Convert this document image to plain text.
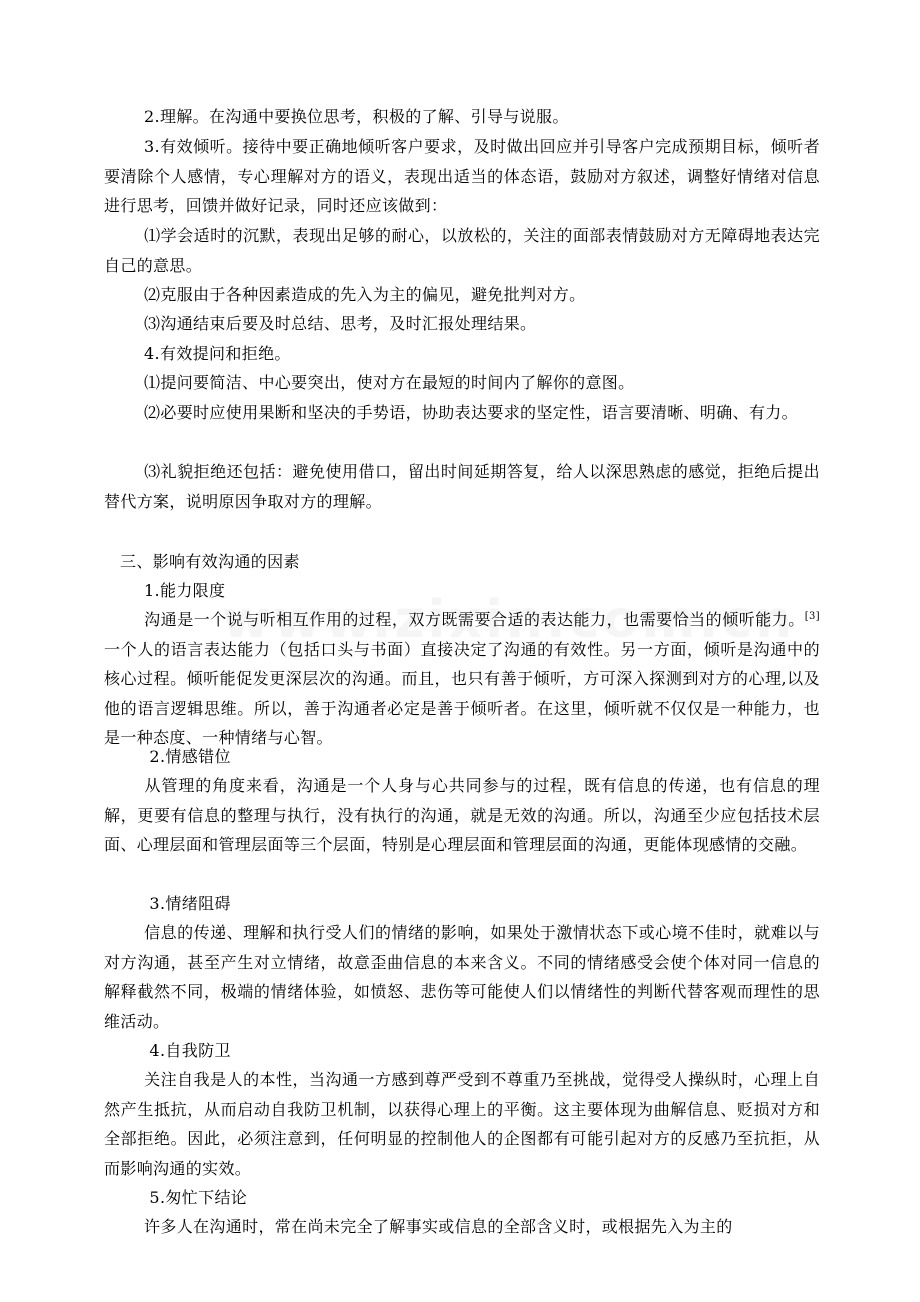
2.理解。在沟通中要换位思考，积极的了解、引导与说服。

3.有效倾听。接待中要正确地倾听客户要求，及时做出回应并引导客户完成预期目标，倾听者要清除个人感情，专心理解对方的语义，表现出适当的体态语，鼓励对方叙述，调整好情绪对信息进行思考，回馈并做好记录，同时还应该做到：

⑴学会适时的沉默，表现出足够的耐心，以放松的，关注的面部表情鼓励对方无障碍地表达完自己的意思。

⑵克服由于各种因素造成的先入为主的偏见，避免批判对方。

⑶沟通结束后要及时总结、思考，及时汇报处理结果。

4.有效提问和拒绝。

⑴提问要简洁、中心要突出，使对方在最短的时间内了解你的意图。

⑵必要时应使用果断和坚决的手势语，协助表达要求的坚定性，语言要清晰、明确、有力。

⑶礼貌拒绝还包括：避免使用借口，留出时间延期答复，给人以深思熟虑的感觉，拒绝后提出替代方案，说明原因争取对方的理解。

三、影响有效沟通的因素

1.能力限度

沟通是一个说与听相互作用的过程，双方既需要合适的表达能力，也需要恰当的倾听能力。[3]一个人的语言表达能力（包括口头与书面）直接决定了沟通的有效性。另一方面，倾听是沟通中的核心过程。倾听能促发更深层次的沟通。而且，也只有善于倾听，方可深入探测到对方的心理,以及他的语言逻辑思维。所以，善于沟通者必定是善于倾听者。在这里，倾听就不仅仅是一种能力，也是一种态度、一种情绪与心智。

2.情感错位

从管理的角度来看，沟通是一个人身与心共同参与的过程，既有信息的传递，也有信息的理解，更要有信息的整理与执行，没有执行的沟通，就是无效的沟通。所以，沟通至少应包括技术层面、心理层面和管理层面等三个层面，特别是心理层面和管理层面的沟通，更能体现感情的交融。

3.情绪阻碍

信息的传递、理解和执行受人们的情绪的影响，如果处于激情状态下或心境不佳时，就难以与对方沟通，甚至产生对立情绪，故意歪曲信息的本来含义。不同的情绪感受会使个体对同一信息的解释截然不同，极端的情绪体验，如愤怒、悲伤等可能使人们以情绪性的判断代替客观而理性的思维活动。

4.自我防卫

关注自我是人的本性，当沟通一方感到尊严受到不尊重乃至挑战，觉得受人操纵时，心理上自然产生抵抗，从而启动自我防卫机制，以获得心理上的平衡。这主要体现为曲解信息、贬损对方和全部拒绝。因此，必须注意到，任何明显的控制他人的企图都有可能引起对方的反感乃至抗拒，从而影响沟通的实效。

5.匆忙下结论

许多人在沟通时，常在尚未完全了解事实或信息的全部含义时，或根据先入为主的
